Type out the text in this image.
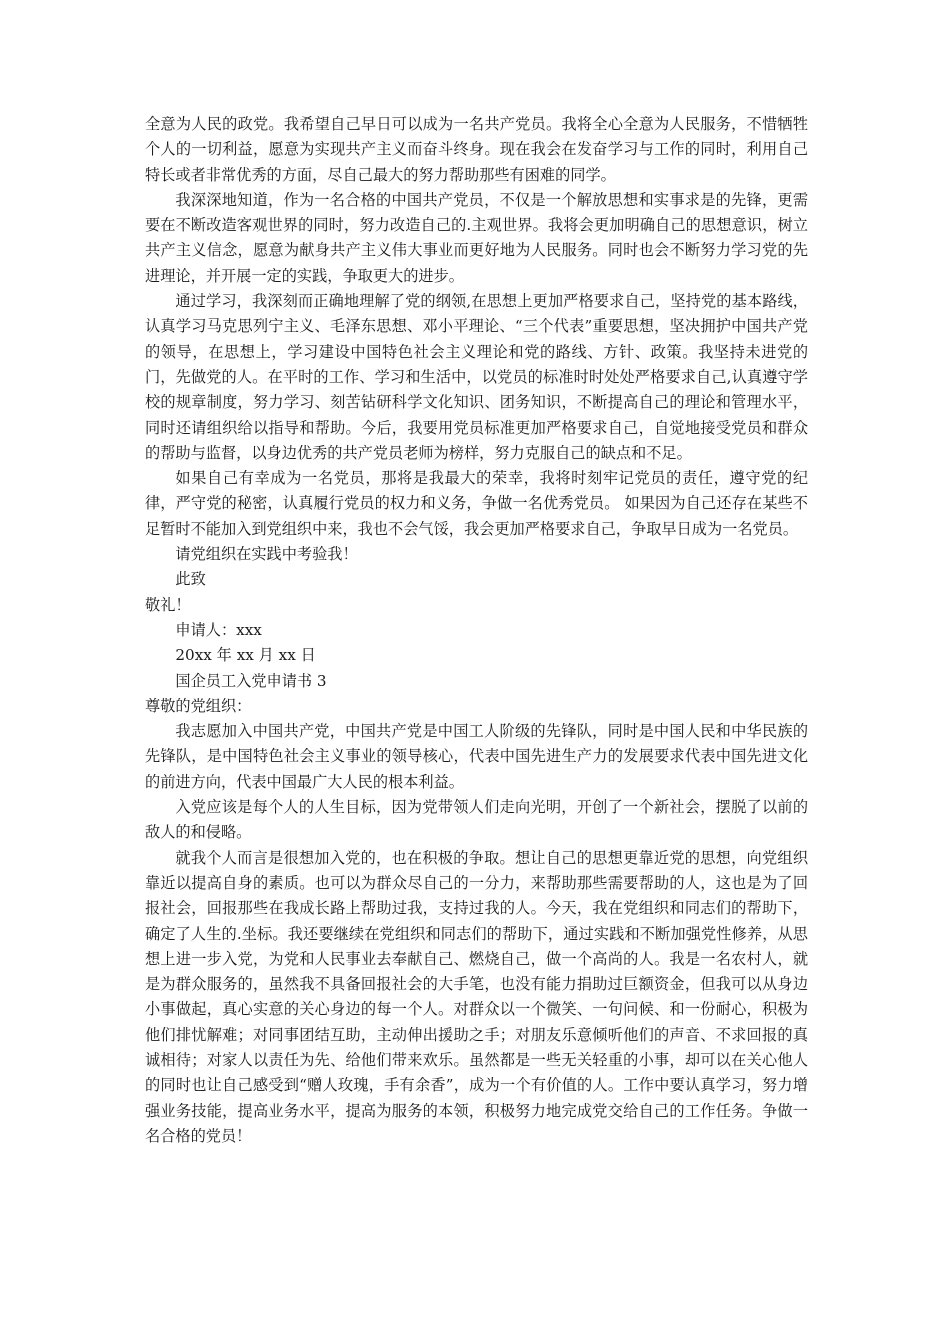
全意为人民的政党。我希望自己早日可以成为一名共产党员。我将全心全意为人民服务，不惜牺牲个人的一切利益，愿意为实现共产主义而奋斗终身。现在我会在发奋学习与工作的同时，利用自己特长或者非常优秀的方面，尽自己最大的努力帮助那些有困难的同学。

我深深地知道，作为一名合格的中国共产党员，不仅是一个解放思想和实事求是的先锋，更需要在不断改造客观世界的同时，努力改造自己的.主观世界。我将会更加明确自己的思想意识，树立共产主义信念，愿意为献身共产主义伟大事业而更好地为人民服务。同时也会不断努力学习党的先进理论，并开展一定的实践，争取更大的进步。

通过学习，我深刻而正确地理解了党的纲领,在思想上更加严格要求自己，坚持党的基本路线，认真学习马克思列宁主义、毛泽东思想、邓小平理论、“三个代表”重要思想，坚决拥护中国共产党的领导，在思想上，学习建设中国特色社会主义理论和党的路线、方针、政策。我坚持未进党的门，先做党的人。在平时的工作、学习和生活中，以党员的标准时时处处严格要求自己,认真遵守学校的规章制度，努力学习、刻苦钻研科学文化知识、团务知识，不断提高自己的理论和管理水平，同时还请组织给以指导和帮助。今后，我要用党员标准更加严格要求自己，自觉地接受党员和群众的帮助与监督，以身边优秀的共产党员老师为榜样，努力克服自己的缺点和不足。

如果自己有幸成为一名党员，那将是我最大的荣幸，我将时刻牢记党员的责任，遵守党的纪律，严守党的秘密，认真履行党员的权力和义务，争做一名优秀党员。 如果因为自己还存在某些不足暂时不能加入到党组织中来，我也不会气馁，我会更加严格要求自己，争取早日成为一名党员。

请党组织在实践中考验我！

此致

敬礼！

申请人：xxx

20xx 年 xx 月 xx 日

国企员工入党申请书 3

尊敬的党组织：

我志愿加入中国共产党，中国共产党是中国工人阶级的先锋队，同时是中国人民和中华民族的先锋队，是中国特色社会主义事业的领导核心，代表中国先进生产力的发展要求代表中国先进文化的前进方向，代表中国最广大人民的根本利益。

入党应该是每个人的人生目标，因为党带领人们走向光明，开创了一个新社会，摆脱了以前的敌人的和侵略。

就我个人而言是很想加入党的，也在积极的争取。想让自己的思想更靠近党的思想，向党组织靠近以提高自身的素质。也可以为群众尽自己的一分力，来帮助那些需要帮助的人，这也是为了回报社会，回报那些在我成长路上帮助过我，支持过我的人。今天，我在党组织和同志们的帮助下，确定了人生的.坐标。我还要继续在党组织和同志们的帮助下，通过实践和不断加强党性修养，从思想上进一步入党，为党和人民事业去奉献自己、燃烧自己，做一个高尚的人。我是一名农村人，就是为群众服务的，虽然我不具备回报社会的大手笔，也没有能力捐助过巨额资金，但我可以从身边小事做起，真心实意的关心身边的每一个人。对群众以一个微笑、一句问候、和一份耐心，积极为他们排忧解难；对同事团结互助，主动伸出援助之手；对朋友乐意倾听他们的声音、不求回报的真诚相待；对家人以责任为先、给他们带来欢乐。虽然都是一些无关轻重的小事，却可以在关心他人的同时也让自己感受到“赠人玫瑰，手有余香”，成为一个有价值的人。工作中要认真学习，努力增强业务技能，提高业务水平，提高为服务的本领，积极努力地完成党交给自己的工作任务。争做一名合格的党员！
